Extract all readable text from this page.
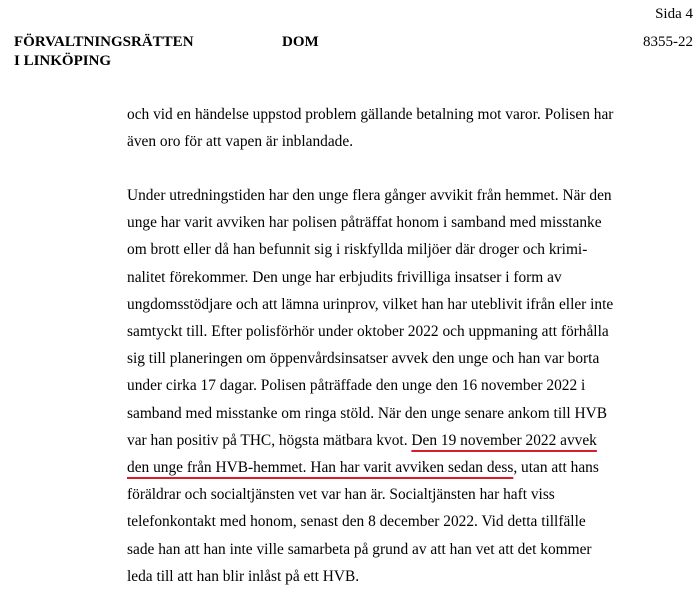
Sida 4
FÖRVALTNINGSRÄTTEN
I LINKÖPING
DOM	8355-22
och vid en händelse uppstod problem gällande betalning mot varor. Polisen har
även oro för att vapen är inblandade.
Under utredningstiden har den unge flera gånger avvikit från hemmet. När den
unge har varit avviken har polisen påträffat honom i samband med misstanke
om brott eller då han befunnit sig i riskfyllda miljöer där droger och krimi-
nalitet förekommer. Den unge har erbjudits frivilliga insatser i form av
ungdomsstödjare och att lämna urinprov, vilket han har uteblivit ifrån eller inte
samtyckt till. Efter polisförhör under oktober 2022 och uppmaning att förhålla
sig till planeringen om öppenvårdsinsatser avvek den unge och han var borta
under cirka 17 dagar. Polisen påträffade den unge den 16 november 2022 i
samband med misstanke om ringa stöld. När den unge senare ankom till HVB
var han positiv på THC, högsta mätbara kvot. Den 19 november 2022 avvek
den unge från HVB-hemmet. Han har varit avviken sedan dess, utan att hans
föräldrar och socialtjänsten vet var han är. Socialtjänsten har haft viss
telefonkontakt med honom, senast den 8 december 2022. Vid detta tillfälle
sade han att han inte ville samarbeta på grund av att han vet att det kommer
leda till att han blir inlåst på ett HVB.
